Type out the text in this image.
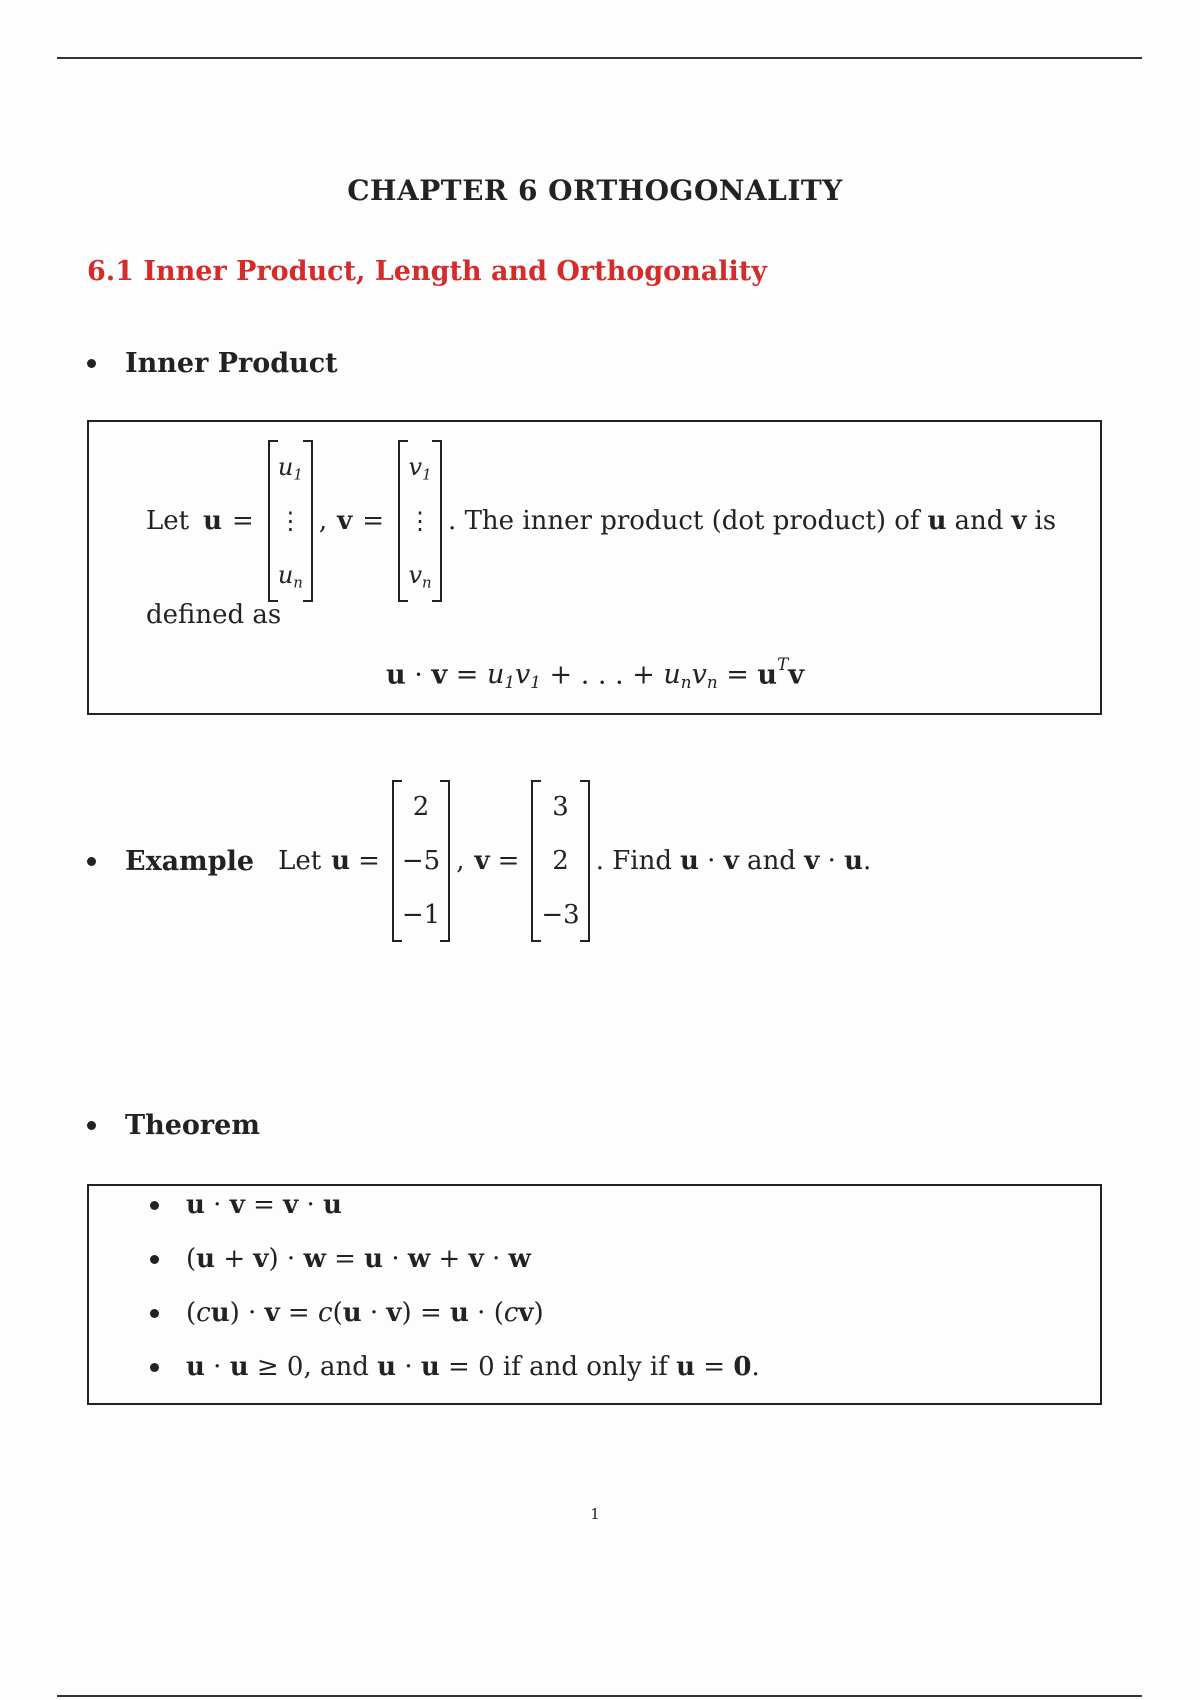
CHAPTER 6 ORTHOGONALITY
6.1 Inner Product, Length and Orthogonality
Inner Product
Let u =
$u_1$
⋮
$u_n$
, v =
$v_1$
⋮
$v_n$
. The inner product (dot product) of u and v is
defined as
$u \cdot v = u_1v_1$ + . . . + $u_nv_n = u^Tv$
Example Let u =
2
−5
−1
, v =
3
2
−3
. Find u · v and v · u.
Theorem
u · v = v · u
(u + v) · w = u · w + v · w
(cu) · v = c(u · v) = u · (cv)
u · u ≥ 0, and u · u = 0 if and only if u = 0.
1
